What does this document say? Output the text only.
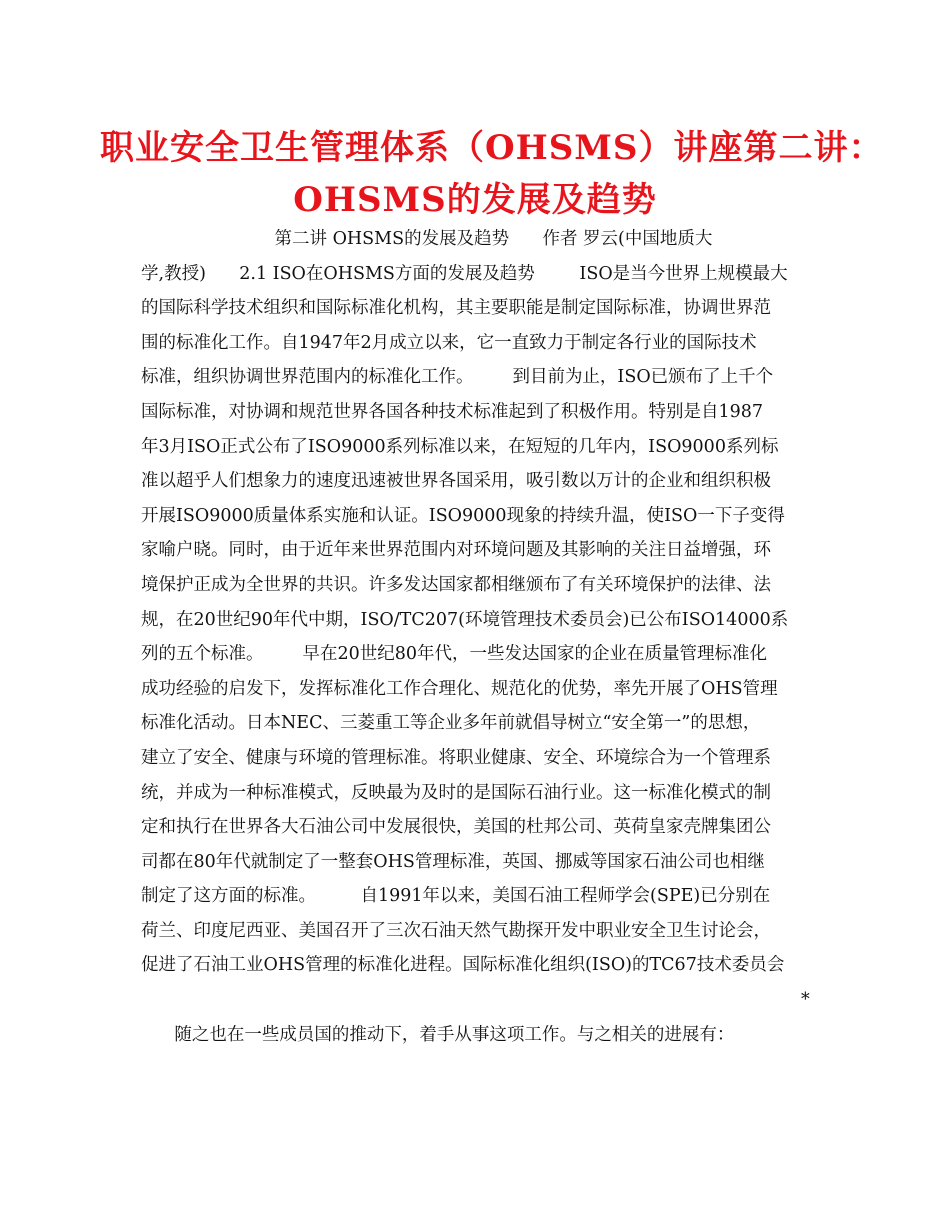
职业安全卫生管理体系（OHSMS）讲座第二讲：
OHSMS的发展及趋势
第二讲 OHSMS的发展及趋势      作者 罗云(中国地质大
学,教授)      2.1 ISO在OHSMS方面的发展及趋势        ISO是当今世界上规模最大
的国际科学技术组织和国际标准化机构，其主要职能是制定国际标准，协调世界范
围的标准化工作。自1947年2月成立以来，它一直致力于制定各行业的国际技术
标准，组织协调世界范围内的标准化工作。       到目前为止，ISO已颁布了上千个
国际标准，对协调和规范世界各国各种技术标准起到了积极作用。特别是自1987
年3月ISO正式公布了ISO9000系列标准以来，在短短的几年内，ISO9000系列标
准以超乎人们想象力的速度迅速被世界各国采用，吸引数以万计的企业和组织积极
开展ISO9000质量体系实施和认证。ISO9000现象的持续升温，使ISO一下子变得
家喻户晓。同时，由于近年来世界范围内对环境问题及其影响的关注日益增强，环
境保护正成为全世界的共识。许多发达国家都相继颁布了有关环境保护的法律、法
规，在20世纪90年代中期，ISO/TC207(环境管理技术委员会)已公布ISO14000系
列的五个标准。       早在20世纪80年代，一些发达国家的企业在质量管理标准化
成功经验的启发下，发挥标准化工作合理化、规范化的优势，率先开展了OHS管理
标准化活动。日本NEC、三菱重工等企业多年前就倡导树立“安全第一”的思想，
建立了安全、健康与环境的管理标准。将职业健康、安全、环境综合为一个管理系
统，并成为一种标准模式，反映最为及时的是国际石油行业。这一标准化模式的制
定和执行在世界各大石油公司中发展很快，美国的杜邦公司、英荷皇家壳牌集团公
司都在80年代就制定了一整套OHS管理标准，英国、挪威等国家石油公司也相继
制定了这方面的标准。        自1991年以来，美国石油工程师学会(SPE)已分别在
荷兰、印度尼西亚、美国召开了三次石油天然气勘探开发中职业安全卫生讨论会，
促进了石油工业OHS管理的标准化进程。国际标准化组织(ISO)的TC67技术委员会

随之也在一些成员国的推动下，着手从事这项工作。与之相关的进展有：

*
